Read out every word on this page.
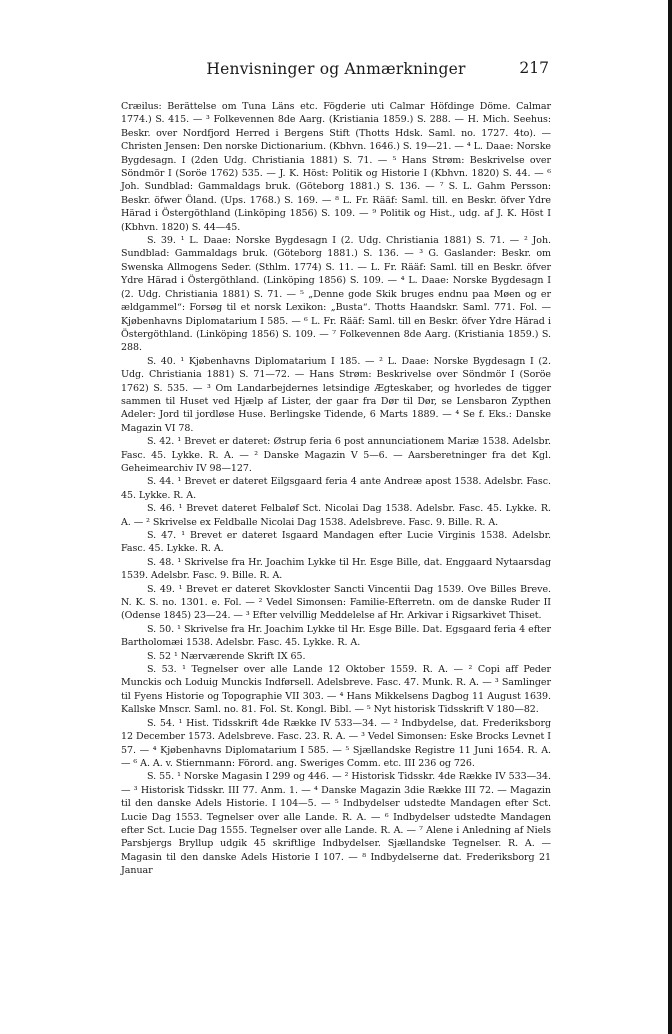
Henvisninger og Anmærkninger	217

Cræilus: Berättelse om Tuna Läns etc. Fögderie uti Calmar Höfdinge Döme. Calmar 1774.) S. 415. — ³ Folkevennen 8de Aarg. (Kristiania 1859.) S. 288. — H. Mich. Seehus: Beskr. over Nordfjord Herred i Bergens Stift (Thotts Hdsk. Saml. no. 1727. 4to). — Christen Jensen: Den norske Dictionarium. (Kbhvn. 1646.) S. 19—21. — ⁴ L. Daae: Norske Bygdesagn. I (2den Udg. Christiania 1881) S. 71. — ⁵ Hans Strøm: Beskrivelse over Söndmör I (Soröe 1762) 535. — J. K. Höst: Politik og Historie I (Kbhvn. 1820) S. 44. — ⁶ Joh. Sundblad: Gammaldags bruk. (Göteborg 1881.) S. 136. — ⁷ S. L. Gahm Persson: Beskr. öfwer Öland. (Ups. 1768.) S. 169. — ⁸ L. Fr. Rääf: Saml. till. en Beskr. öfver Ydre Härad i Östergöthland (Linköping 1856) S. 109. — ⁹ Politik og Hist., udg. af J. K. Höst I (Kbhvn. 1820) S. 44—45.

S. 39. ¹ L. Daae: Norske Bygdesagn I (2. Udg. Christiania 1881) S. 71. — ² Joh. Sundblad: Gammaldags bruk. (Göteborg 1881.) S. 136. — ³ G. Gaslander: Beskr. om Swenska Allmogens Seder. (Sthlm. 1774) S. 11. — L. Fr. Rääf: Saml. till en Beskr. öfver Ydre Härad i Östergöthland. (Linköping 1856) S. 109. — ⁴ L. Daae: Norske Bygdesagn I (2. Udg. Christiania 1881) S. 71. — ⁵ „Denne gode Skik bruges endnu paa Møen og er ældgammel“: Forsøg til et norsk Lexikon: „Busta“. Thotts Haandskr. Saml. 771. Fol. — Kjøbenhavns Diplomatarium I 585. — ⁶ L. Fr. Rääf: Saml. till en Beskr. öfver Ydre Härad i Östergöthland. (Linköping 1856) S. 109. — ⁷ Folkevennen 8de Aarg. (Kristiania 1859.) S. 288.

S. 40. ¹ Kjøbenhavns Diplomatarium I 185. — ² L. Daae: Norske Bygdesagn I (2. Udg. Christiania 1881) S. 71—72. — Hans Strøm: Beskrivelse over Söndmör I (Soröe 1762) S. 535. — ³ Om Landarbejdernes letsindige Ægteskaber, og hvorledes de tigger sammen til Huset ved Hjælp af Lister, der gaar fra Dør til Dør, se Lensbaron Zypthen Adeler: Jord til jordløse Huse. Berlingske Tidende, 6 Marts 1889. — ⁴ Se f. Eks.: Danske Magazin VI 78.

S. 42. ¹ Brevet er dateret: Østrup feria 6 post annunciationem Mariæ 1538. Adelsbr. Fasc. 45. Lykke. R. A. — ² Danske Magazin V 5—6. — Aarsberetninger fra det Kgl. Geheimearchiv IV 98—127.

S. 44. ¹ Brevet er dateret Eilgsgaard feria 4 ante Andreæ apost 1538. Adelsbr. Fasc. 45. Lykke. R. A.

S. 46. ¹ Brevet dateret Felbaløf Sct. Nicolai Dag 1538. Adelsbr. Fasc. 45. Lykke. R. A. — ² Skrivelse ex Feldballe Nicolai Dag 1538. Adelsbreve. Fasc. 9. Bille. R. A.

S. 47. ¹ Brevet er dateret Isgaard Mandagen efter Lucie Virginis 1538. Adelsbr. Fasc. 45. Lykke. R. A.

S. 48. ¹ Skrivelse fra Hr. Joachim Lykke til Hr. Esge Bille, dat. Enggaard Nytaarsdag 1539. Adelsbr. Fasc. 9. Bille. R. A.

S. 49. ¹ Brevet er dateret Skovkloster Sancti Vincentii Dag 1539. Ove Billes Breve. N. K. S. no. 1301. e. Fol. — ² Vedel Simonsen: Familie-Efterretn. om de danske Ruder II (Odense 1845) 23—24. — ³ Efter velvillig Meddelelse af Hr. Arkivar i Rigsarkivet Thiset.

S. 50. ¹ Skrivelse fra Hr. Joachim Lykke til Hr. Esge Bille. Dat. Egsgaard feria 4 efter Bartholomæi 1538. Adelsbr. Fasc. 45. Lykke. R. A.

S. 52 ¹ Nærværende Skrift IX 65.

S. 53. ¹ Tegnelser over alle Lande 12 Oktober 1559. R. A. — ² Copi aff Peder Munckis och Loduig Munckis Indførsell. Adelsbreve. Fasc. 47. Munk. R. A. — ³ Samlinger til Fyens Historie og Topographie VII 303. — ⁴ Hans Mikkelsens Dagbog 11 August 1639. Kallske Mnscr. Saml. no. 81. Fol. St. Kongl. Bibl. — ⁵ Nyt historisk Tidsskrift V 180—82.

S. 54. ¹ Hist. Tidsskrift 4de Række IV 533—34. — ² Indbydelse, dat. Frederiksborg 12 December 1573. Adelsbreve. Fasc. 23. R. A. — ³ Vedel Simonsen: Eske Brocks Levnet I 57. — ⁴ Kjøbenhavns Diplomatarium I 585. — ⁵ Sjællandske Registre 11 Juni 1654. R. A. — ⁶ A. A. v. Stiernmann: Förord. ang. Sweriges Comm. etc. III 236 og 726.

S. 55. ¹ Norske Magasin I 299 og 446. — ² Historisk Tidsskr. 4de Række IV 533—34. — ³ Historisk Tidsskr. III 77. Anm. 1. — ⁴ Danske Magazin 3die Række III 72. — Magazin til den danske Adels Historie. I 104—5. — ⁵ Indbydelser udstedte Mandagen efter Sct. Lucie Dag 1553. Tegnelser over alle Lande. R. A. — ⁶ Indbydelser udstedte Mandagen efter Sct. Lucie Dag 1555. Tegnelser over alle Lande. R. A. — ⁷ Alene i Anledning af Niels Parsbjergs Bryllup udgik 45 skriftlige Indbydelser. Sjællandske Tegnelser. R. A. — Magasin til den danske Adels Historie I 107. — ⁸ Indbydelserne dat. Frederiksborg 21 Januar
